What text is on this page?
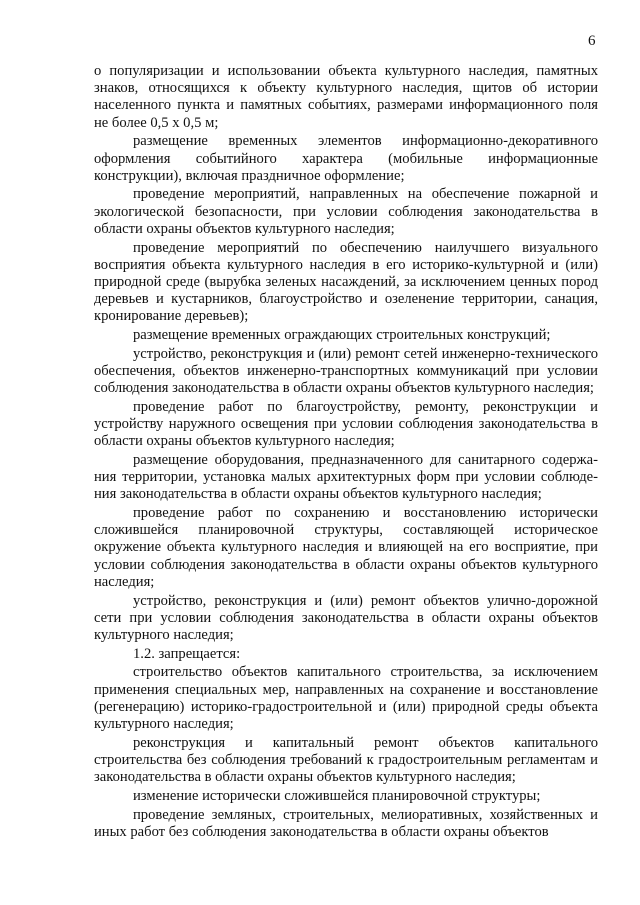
6

о популяризации и использовании объекта культурного наследия, памятных знаков, относящихся к объекту культурного наследия, щитов об истории населенного пункта и памятных событиях, размерами информационного поля не более 0,5 х 0,5 м;

размещение временных элементов информационно-декоративного оформления событийного характера (мобильные информационные конструкции), включая праздничное оформление;

проведение мероприятий, направленных на обеспечение пожарной и экологической безопасности, при условии соблюдения законодательства в области охраны объектов культурного наследия;

проведение мероприятий по обеспечению наилучшего визуального восприятия объекта культурного наследия в его историко-культурной и (или) природной среде (вырубка зеленых насаждений, за исключением ценных пород деревьев и кустарников, благоустройство и озеленение территории, санация, кронирование деревьев);

размещение временных ограждающих строительных конструкций;

устройство, реконструкция и (или) ремонт сетей инженерно-технического обеспечения, объектов инженерно-транспортных коммуникаций при условии соблюдения законодательства в области охраны объектов культурного наследия;

проведение работ по благоустройству, ремонту, реконструкции и устройству наружного освещения при условии соблюдения законодательства в области охраны объектов культурного наследия;

размещение оборудования, предназначенного для санитарного содержания территории, установка малых архитектурных форм при условии соблюдения законодательства в области охраны объектов культурного наследия;

проведение работ по сохранению и восстановлению исторически сложившейся планировочной структуры, составляющей историческое окружение объекта культурного наследия и влияющей на его восприятие, при условии соблюдения законодательства в области охраны объектов культурного наследия;

устройство, реконструкция и (или) ремонт объектов улично-дорожной сети при условии соблюдения законодательства в области охраны объектов культурного наследия;

1.2. запрещается:

строительство объектов капитального строительства, за исключением применения специальных мер, направленных на сохранение и восстановление (регенерацию) историко-градостроительной и (или) природной среды объекта культурного наследия;

реконструкция и капитальный ремонт объектов капитального строительства без соблюдения требований к градостроительным регламентам и законодательства в области охраны объектов культурного наследия;

изменение исторически сложившейся планировочной структуры;

проведение земляных, строительных, мелиоративных, хозяйственных и иных работ без соблюдения законодательства в области охраны объектов
